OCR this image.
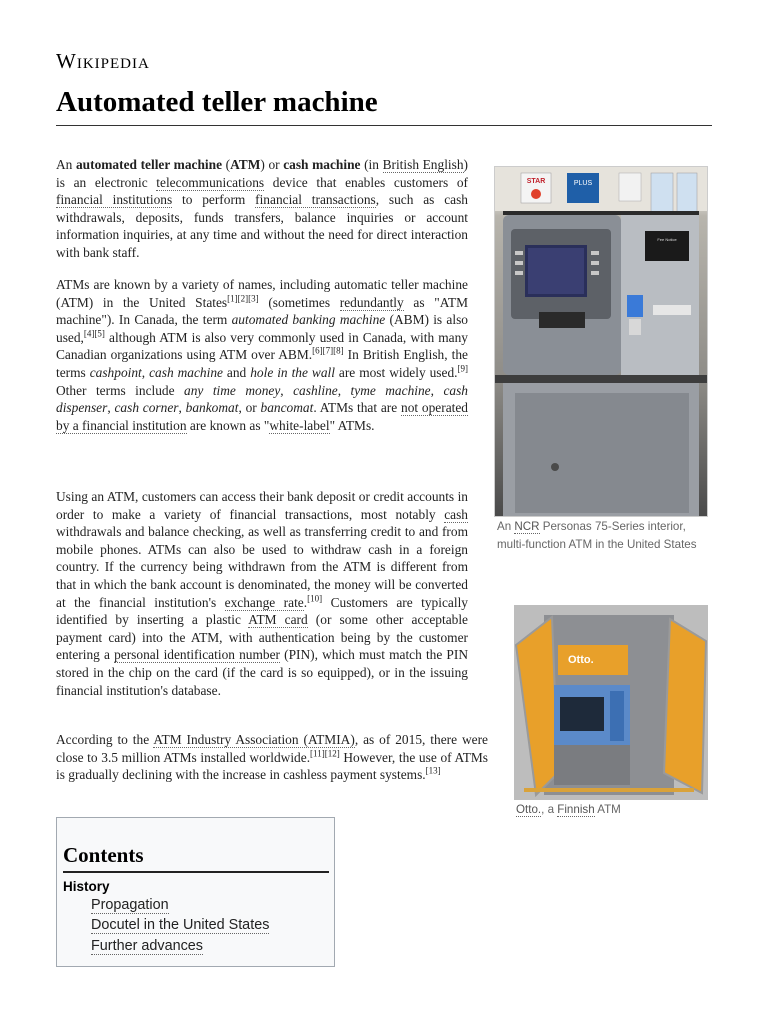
Wikipedia
Automated teller machine

An automated teller machine (ATM) or cash machine (in British English) is an electronic telecommunications device that enables customers of financial institutions to perform financial transactions, such as cash withdrawals, deposits, funds transfers, balance inquiries or account information inquiries, at any time and without the need for direct interaction with bank staff.

ATMs are known by a variety of names, including automatic teller machine (ATM) in the United States[1][2][3] (sometimes redundantly as "ATM machine"). In Canada, the term automated banking machine (ABM) is also used,[4][5] although ATM is also very commonly used in Canada, with many Canadian organizations using ATM over ABM.[6][7][8] In British English, the terms cashpoint, cash machine and hole in the wall are most widely used.[9] Other terms include any time money, cashline, tyme machine, cash dispenser, cash corner, bankomat, or bancomat. ATMs that are not operated by a financial institution are known as "white-label" ATMs.

Using an ATM, customers can access their bank deposit or credit accounts in order to make a variety of financial transactions, most notably cash withdrawals and balance checking, as well as transferring credit to and from mobile phones. ATMs can also be used to withdraw cash in a foreign country. If the currency being withdrawn from the ATM is different from that in which the bank account is denominated, the money will be converted at the financial institution's exchange rate.[10] Customers are typically identified by inserting a plastic ATM card (or some other acceptable payment card) into the ATM, with authentication being by the customer entering a personal identification number (PIN), which must match the PIN stored in the chip on the card (if the card is so equipped), or in the issuing financial institution's database.

According to the ATM Industry Association (ATMIA), as of 2015, there were close to 3.5 million ATMs installed worldwide.[11][12] However, the use of ATMs is gradually declining with the increase in cashless payment systems.[13]

STAR	PLUS
Fee Notice
An NCR Personas 75-Series interior, multi-function ATM in the United States
Otto.
Otto., a Finnish ATM
Contents
History
Propagation
Docutel in the United States
Further advances
